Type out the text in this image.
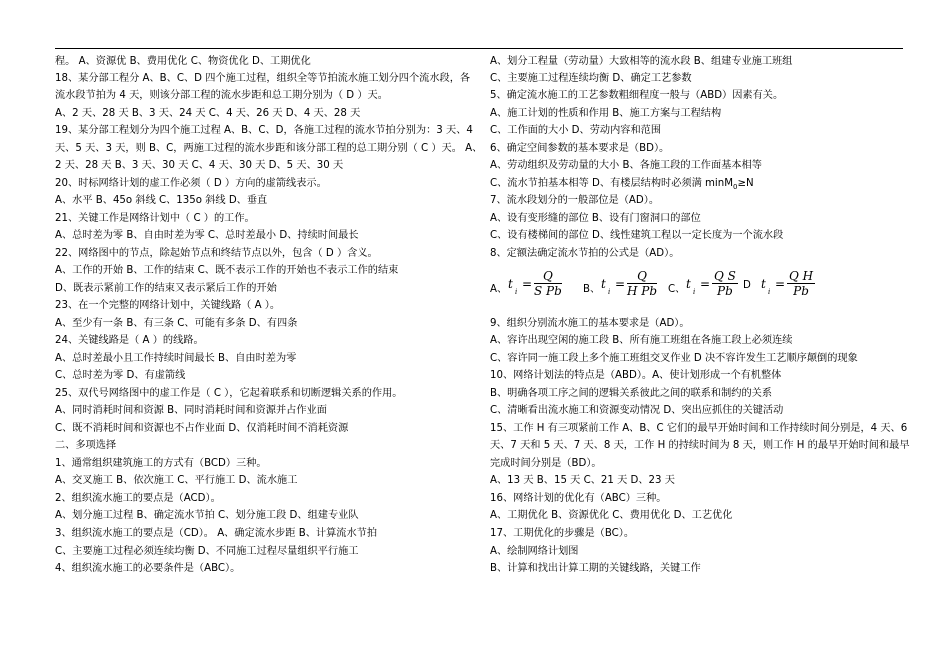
程。 A、资源优 B、费用优化 C、物资优化 D、工期优化
18、某分部工程分 A、B、C、D 四个施工过程，组织全等节拍流水施工划分四个流水段，各
流水段节拍为 4 天，则该分部工程的流水步距和总工期分别为（ D ）天。
A、2 天、28 天 B、3 天、24 天 C、4 天、26 天 D、4 天、28 天
19、某分部工程划分为四个施工过程 A、B、C、D，各施工过程的流水节拍分别为：3 天、4
天、5 天、3 天，则 B、C，两施工过程的流水步距和该分部工程的总工期分别（ C ）天。 A、
2 天、28 天 B、3 天、30 天 C、4 天、30 天 D、5 天、30 天
20、时标网络计划的虚工作必须（ D ）方向的虚箭线表示。
A、水平 B、45o 斜线 C、135o 斜线 D、垂直
21、关键工作是网络计划中（ C ）的工作。
A、总时差为零 B、自由时差为零 C、总时差最小 D、持续时间最长
22、网络图中的节点，除起始节点和终结节点以外，包含（ D ）含义。
A、工作的开始 B、工作的结束 C、既不表示工作的开始也不表示工作的结束
D、既表示紧前工作的结束又表示紧后工作的开始
23、在一个完整的网络计划中，关键线路（ A ）。
A、至少有一条 B、有三条 C、可能有多条 D、有四条
24、关键线路是（ A ）的线路。
A、总时差最小且工作持续时间最长 B、自由时差为零
C、总时差为零 D、有虚箭线
25、双代号网络图中的虚工作是（ C ），它起着联系和切断逻辑关系的作用。
A、同时消耗时间和资源 B、同时消耗时间和资源并占作业面
C、既不消耗时间和资源也不占作业面 D、仅消耗时间不消耗资源
二、多项选择
1、通常组织建筑施工的方式有（BCD）三种。
A、交叉施工 B、依次施工 C、平行施工 D、流水施工
2、组织流水施工的要点是（ACD）。
A、划分施工过程 B、确定流水节拍 C、划分施工段 D、组建专业队
3、组织流水施工的要点是（CD）。 A、确定流水步距 B、计算流水节拍
C、主要施工过程必须连续均衡 D、不同施工过程尽量组织平行施工
4、组织流水施工的必要条件是（ABC）。
A、划分工程量（劳动量）大致相等的流水段 B、组建专业施工班组
C、主要施工过程连续均衡 D、确定工艺参数
5、确定流水施工的工艺参数粗细程度一般与（ABD）因素有关。
A、施工计划的性质和作用 B、施工方案与工程结构
C、工作面的大小 D、劳动内容和范围
6、确定空间参数的基本要求是（BD）。
A、劳动组织及劳动量的大小 B、各施工段的工作面基本相等
C、流水节拍基本相等 D、有楼层结构时必须满 minM$_0$≥N
7、流水段划分的一般部位是（AD）。
A、设有变形缝的部位 B、设有门窗洞口的部位
C、设有楼梯间的部位 D、线性建筑工程以一定长度为一个流水段
8、定额法确定流水节拍的公式是（AD）。
9、组织分别流水施工的基本要求是（AD）。
A、容许出现空闲的施工段 B、所有施工班组在各施工段上必须连续
C、容许同一施工段上多个施工班组交叉作业 D 决不容许发生工艺顺序颠倒的现象
10、网络计划法的特点是（ABD）。A、使计划形成一个有机整体
B、明确各项工序之间的逻辑关系彼此之间的联系和制约的关系
C、清晰看出流水施工和资源变动情况 D、突出应抓住的关键活动
15、工作 H 有三项紧前工作 A、B、C 它们的最早开始时间和工作持续时间分别是，4 天、6
天、7 天和 5 天、7 天、8 天，工作 H 的持续时间为 8 天，则工作 H 的最早开始时间和最早
完成时间分别是（BD）。
A、13 天 B、15 天 C、21 天 D、23 天
16、网络计划的优化有（ABC）三种。
A、工期优化 B、资源优化 C、费用优化 D、工艺优化
17、工期优化的步骤是（BC）。
A、绘制网络计划图
B、计算和找出计算工期的关键线路，关键工作
A、 t
i
= $\frac{Q}{\text{S Pb}}$ B、 t
i
= $\frac{Q}{\text{H Pb}}$ C、 t
i
= $\frac{\text{Q S}}{Pb}$ D t
i
= $\frac{\text{Q H}}{Pb}$
